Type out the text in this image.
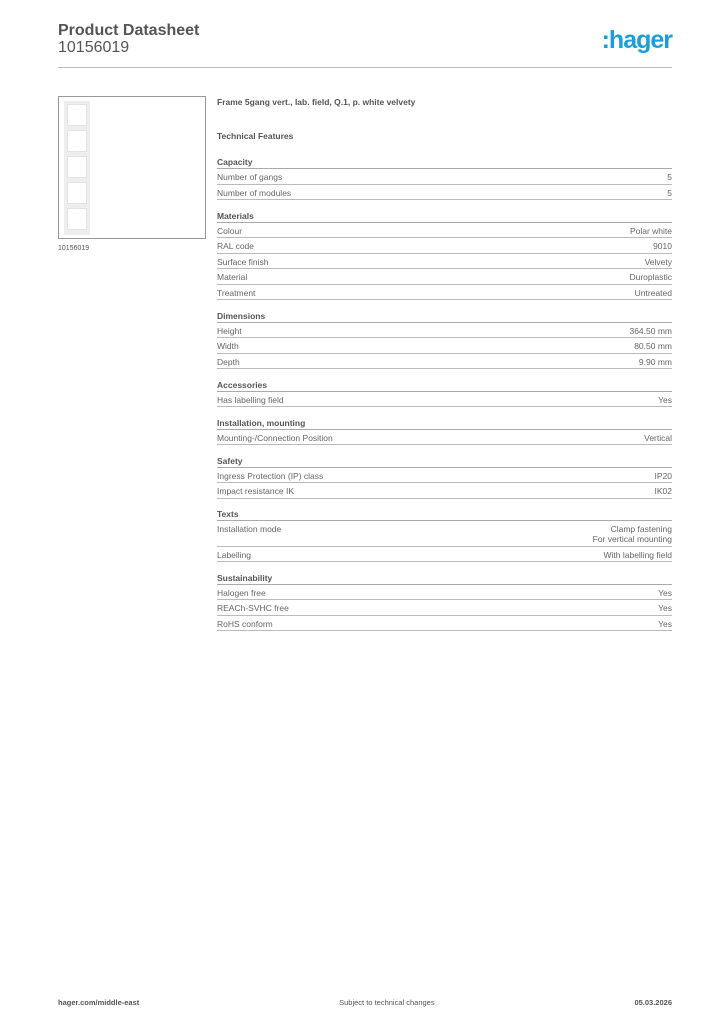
Product Datasheet
10156019	:hager
10156019
Frame 5gang vert., lab. field, Q.1, p. white velvety
Technical Features
Capacity
Number of gangs	5
Number of modules	5
Materials
Colour	Polar white
RAL code	9010
Surface finish	Velvety
Material	Duroplastic
Treatment	Untreated
Dimensions
Height	364.50 mm
Width	80.50 mm
Depth	9.90 mm
Accessories
Has labelling field	Yes
Installation, mounting
Mounting-/Connection Position	Vertical
Safety
Ingress Protection (IP) class	IP20
Impact resistance IK	IK02
Texts
Installation mode	Clamp fastening
For vertical mounting
Labelling	With labelling field
Sustainability
Halogen free	Yes
REACh-SVHC free	Yes
RoHS conform	Yes
hager.com/middle-east	Subject to technical changes	05.03.2026
